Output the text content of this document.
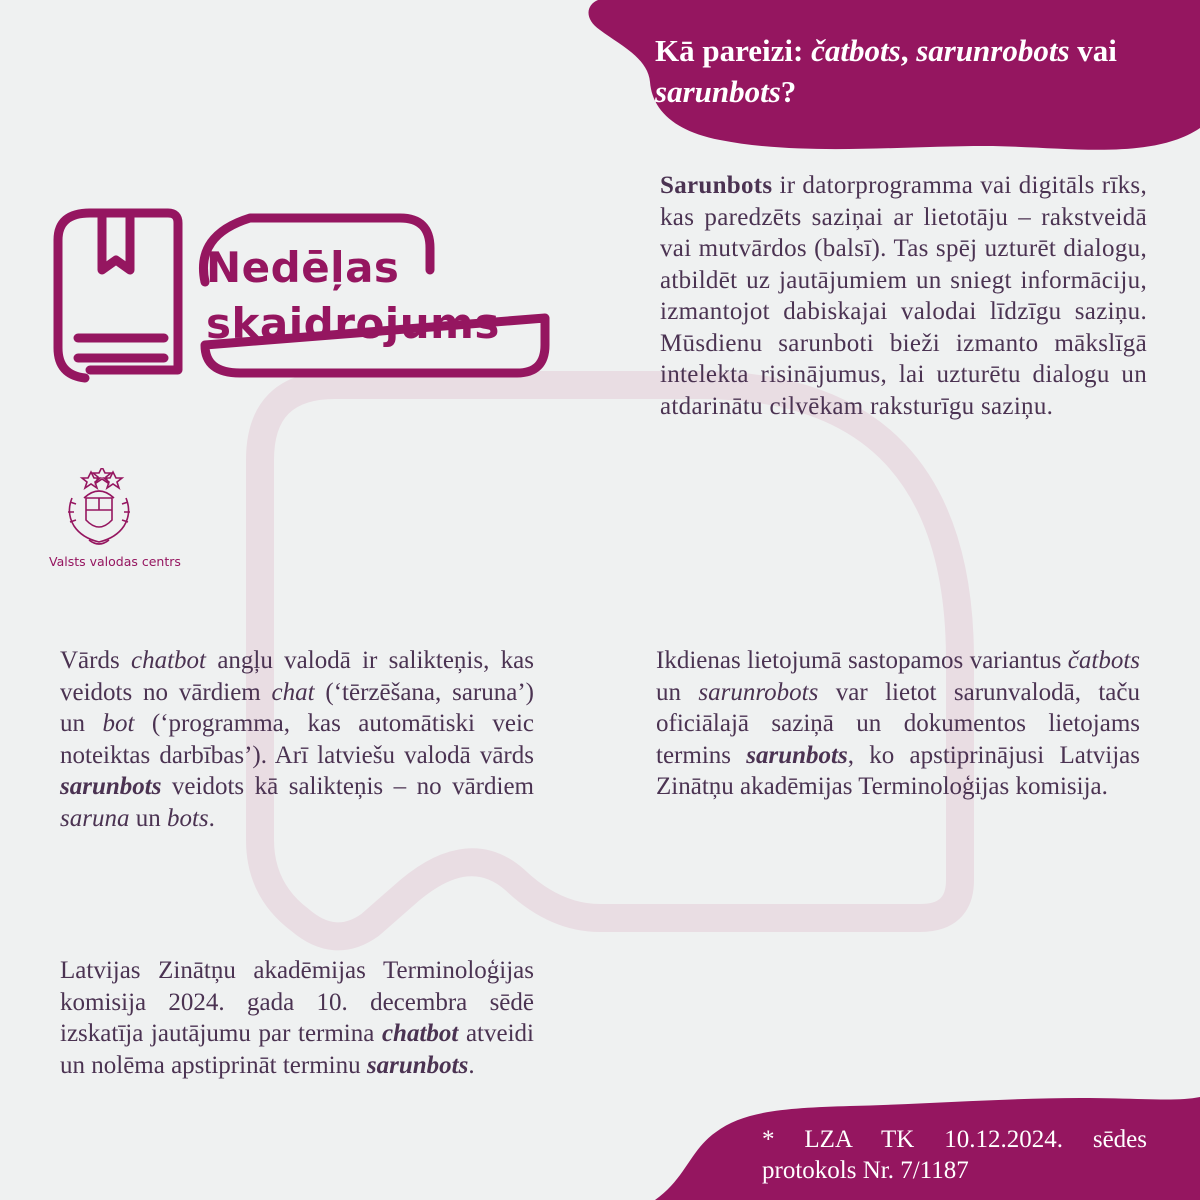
Kā pareizi: čatbots, sarunrobots vai sarunbots?
Nedēļas
skaidrojums
Valsts valodas centrs

Sarunbots ir datorprogramma vai digitāls rīks, kas paredzēts saziņai ar lietotāju – rakstveidā vai mutvārdos (balsī). Tas spēj uzturēt dialogu, atbildēt uz jautājumiem un sniegt informāciju, izmantojot dabiskajai valodai līdzīgu saziņu. Mūsdienu sarunboti bieži izmanto mākslīgā intelekta risinājumus, lai uzturētu dialogu un atdarinātu cilvēkam raksturīgu saziņu.

Vārds chatbot angļu valodā ir salikteņis, kas veidots no vārdiem chat (‘tērzēšana, saruna’) un bot (‘programma, kas automātiski veic noteiktas darbības’). Arī latviešu valodā vārds sarunbots veidots kā salikteņis – no vārdiem saruna un bots.

Ikdienas lietojumā sastopamos variantus čatbots un sarunrobots var lietot sarunvalodā, taču oficiālajā saziņā un dokumentos lietojams termins sarunbots, ko apstiprinājusi Latvijas Zinātņu akadēmijas Terminoloģijas komisija.

Latvijas Zinātņu akadēmijas Terminoloģijas komisija 2024. gada 10. decembra sēdē izskatīja jautājumu par termina chatbot atveidi un nolēma apstiprināt terminu sarunbots.

* LZA TK 10.12.2024. sēdes protokols Nr. 7/1187
